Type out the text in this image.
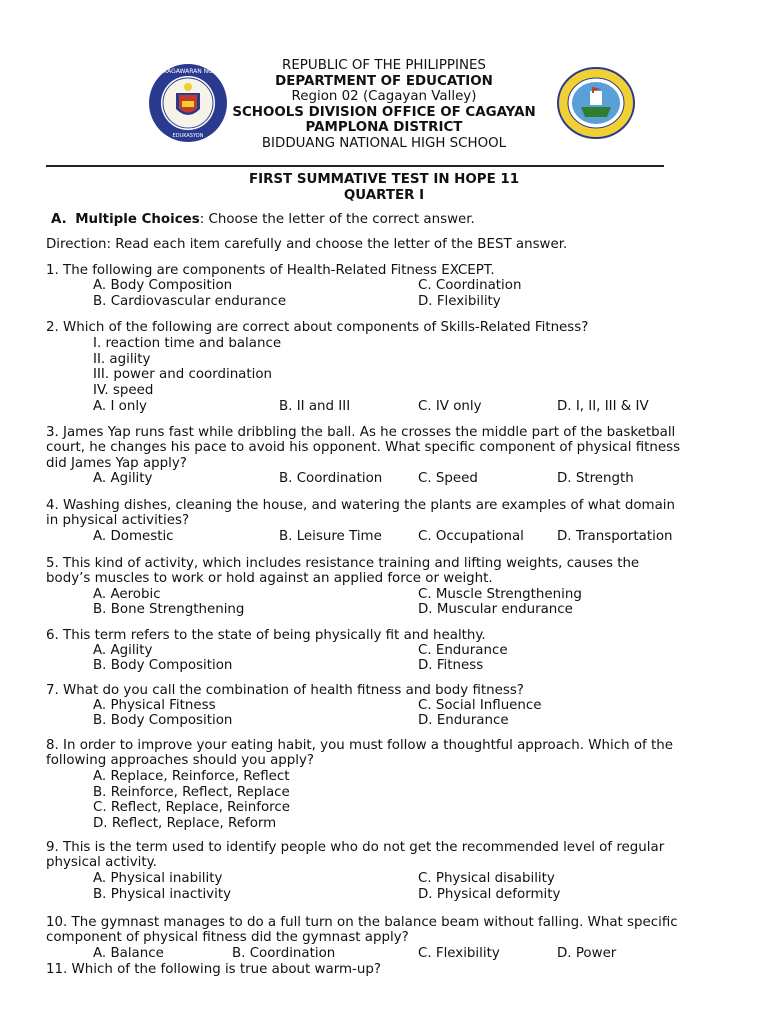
KAGAWARAN NG
EDUKASYON
REPUBLIC OF THE PHILIPPINES
DEPARTMENT OF EDUCATION
Region 02 (Cagayan Valley)
SCHOOLS DIVISION OFFICE OF CAGAYAN
PAMPLONA DISTRICT
BIDDUANG NATIONAL HIGH SCHOOL
FIRST SUMMATIVE TEST IN HOPE 11
QUARTER I
A. Multiple Choices: Choose the letter of the correct answer.
Direction: Read each item carefully and choose the letter of the BEST answer.
1. The following are components of Health-Related Fitness EXCEPT.
A. Body Composition	C. Coordination
B. Cardiovascular endurance	D. Flexibility
2. Which of the following are correct about components of Skills-Related Fitness?
I. reaction time and balance
II. agility
III. power and coordination
IV. speed
A. I only	B. II and III	C. IV only	D. I, II, III & IV
3. James Yap runs fast while dribbling the ball. As he crosses the middle part of the basketball
court, he changes his pace to avoid his opponent. What specific component of physical fitness
did James Yap apply?
A. Agility	B. Coordination	C. Speed	D. Strength
4. Washing dishes, cleaning the house, and watering the plants are examples of what domain
in physical activities?
A. Domestic	B. Leisure Time	C. Occupational D. Transportation
5. This kind of activity, which includes resistance training and lifting weights, causes the
body’s muscles to work or hold against an applied force or weight.
A. Aerobic	C. Muscle Strengthening
B. Bone Strengthening	D. Muscular endurance
6. This term refers to the state of being physically fit and healthy.
A. Agility	C. Endurance
B. Body Composition	D. Fitness
7. What do you call the combination of health fitness and body fitness?
A. Physical Fitness	C. Social Influence
B. Body Composition	D. Endurance
8. In order to improve your eating habit, you must follow a thoughtful approach. Which of the
following approaches should you apply?
A. Replace, Reinforce, Reflect
B. Reinforce, Reflect, Replace
C. Reflect, Replace, Reinforce
D. Reflect, Replace, Reform
9. This is the term used to identify people who do not get the recommended level of regular
physical activity.
A. Physical inability	C. Physical disability
B. Physical inactivity	D. Physical deformity
10. The gymnast manages to do a full turn on the balance beam without falling. What specific
component of physical fitness did the gymnast apply?
A. Balance	B. Coordination	C. Flexibility	D. Power
11. Which of the following is true about warm-up?
